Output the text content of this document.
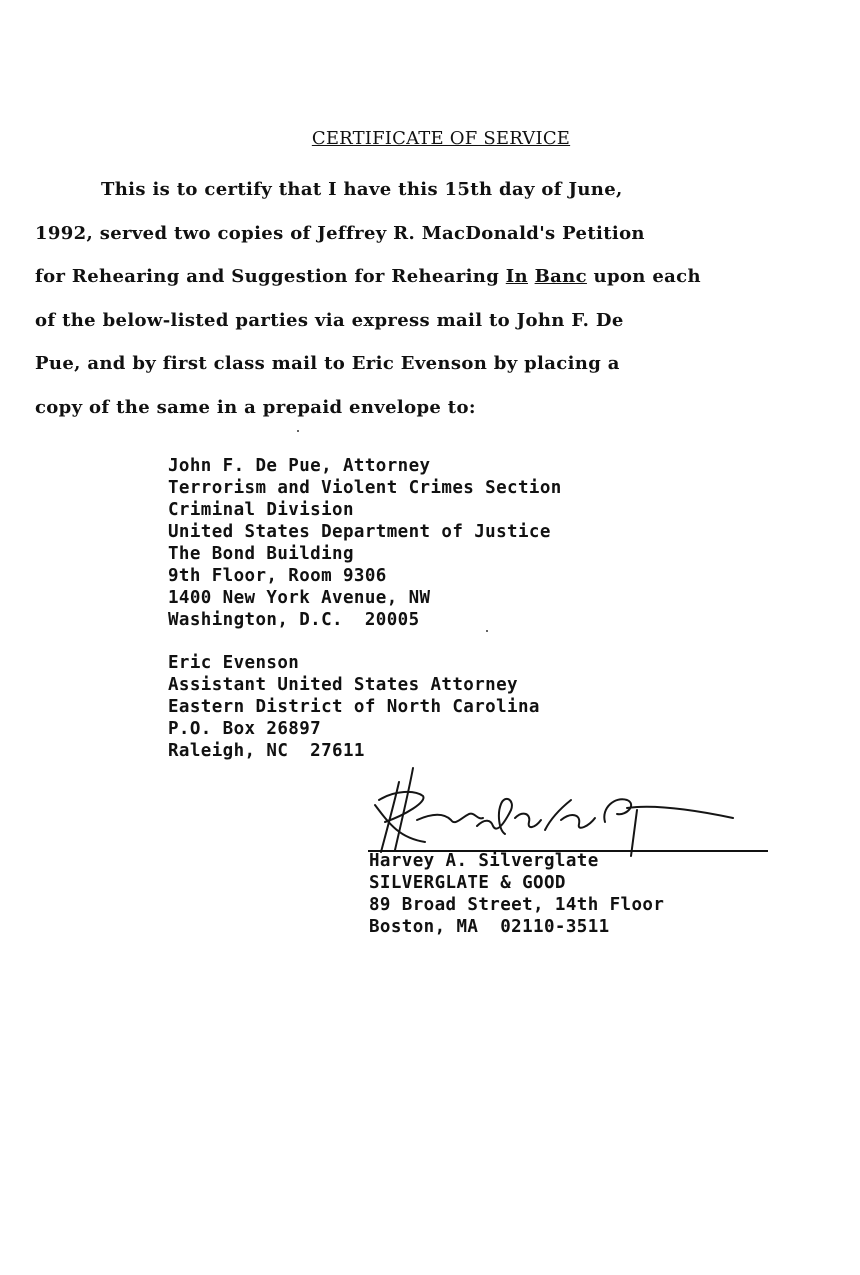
CERTIFICATE OF SERVICE
This is to certify that I have this 15th day of June,
1992, served two copies of Jeffrey R. MacDonald's Petition
for Rehearing and Suggestion for Rehearing In Banc upon each
of the below-listed parties via express mail to John F. De
Pue, and by first class mail to Eric Evenson by placing a
copy of the same in a prepaid envelope to:
John F. De Pue, Attorney
Terrorism and Violent Crimes Section
Criminal Division
United States Department of Justice
The Bond Building
9th Floor, Room 9306
1400 New York Avenue, NW
Washington, D.C.  20005
Eric Evenson
Assistant United States Attorney
Eastern District of North Carolina
P.O. Box 26897
Raleigh, NC  27611
Harvey A. Silverglate
SILVERGLATE & GOOD
89 Broad Street, 14th Floor
Boston, MA  02110-3511
